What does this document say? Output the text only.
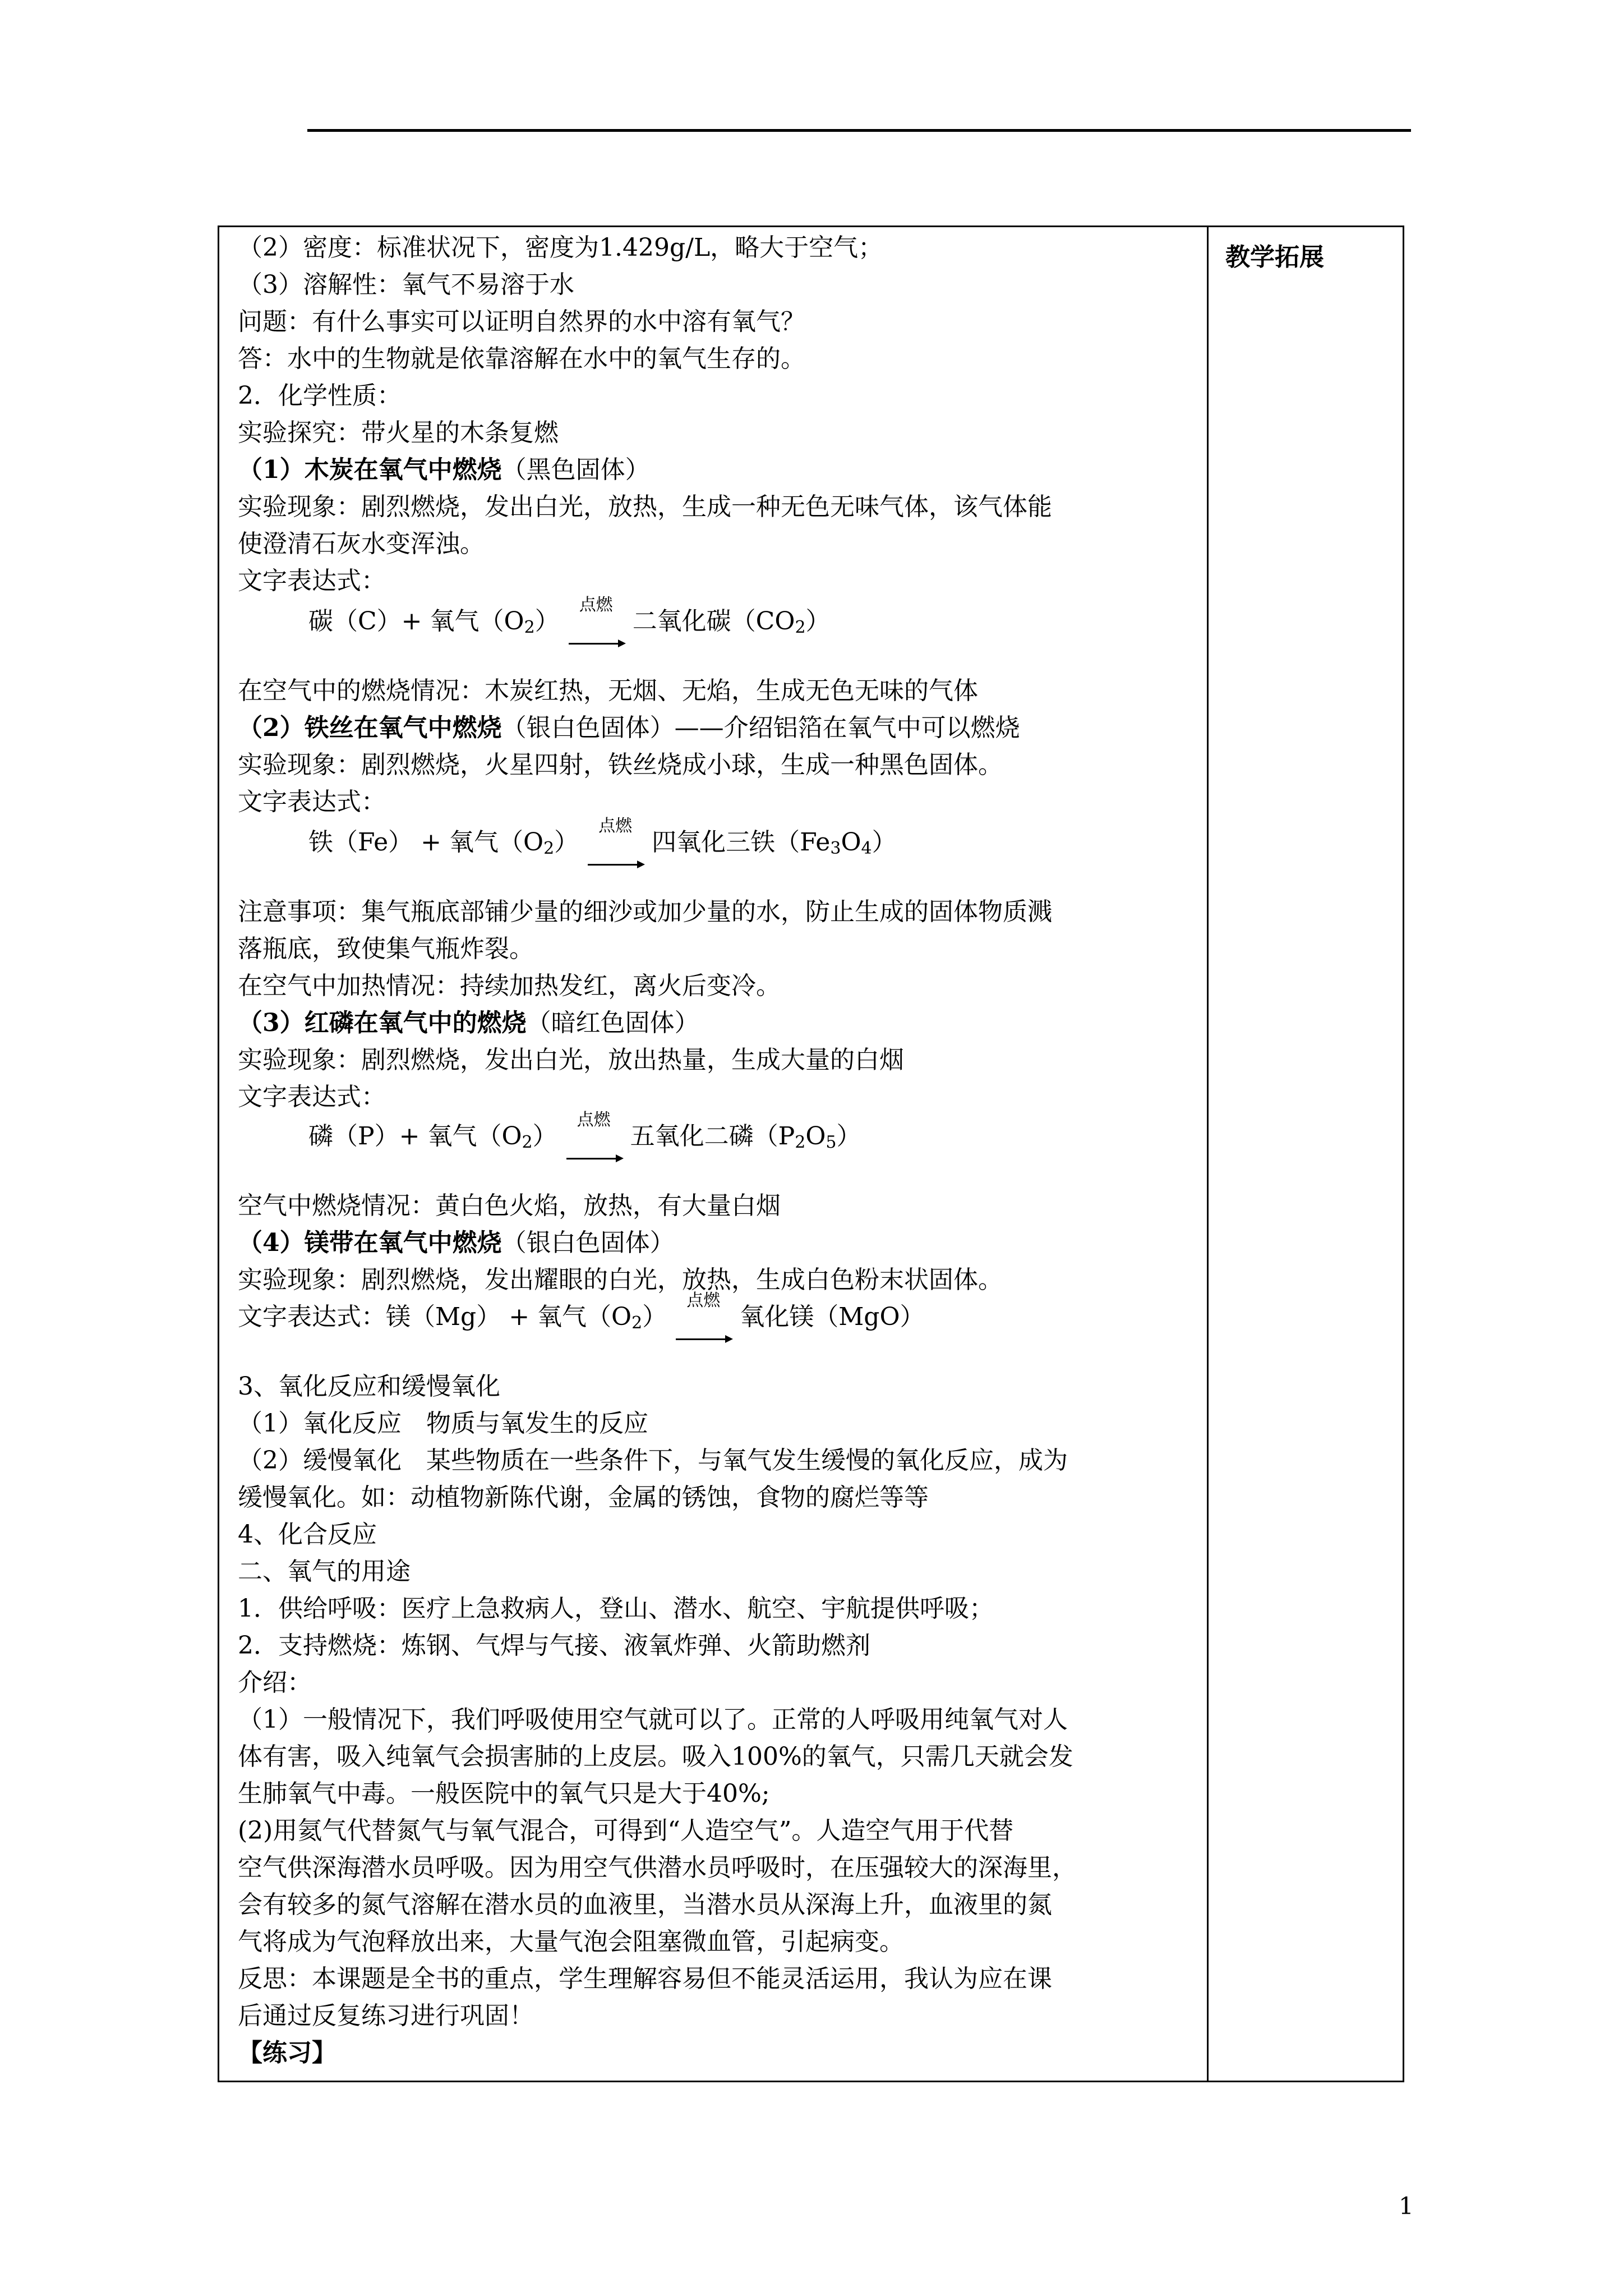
教学拓展
（2）密度：标准状况下，密度为1.429g/L，略大于空气；
（3）溶解性：氧气不易溶于水
问题：有什么事实可以证明自然界的水中溶有氧气？
答：水中的生物就是依靠溶解在水中的氧气生存的。
2．化学性质：
实验探究：带火星的木条复燃
（1）木炭在氧气中燃烧（黑色固体）
实验现象：剧烈燃烧，发出白光，放热，生成一种无色无味气体，该气体能
使澄清石灰水变浑浊。
文字表达式：
碳（C）+ 氧气$(O_2)$
点燃
二氧化碳$(CO_2)$
在空气中的燃烧情况：木炭红热，无烟、无焰，生成无色无味的气体
（2）铁丝在氧气中燃烧（银白色固体）——介绍铝箔在氧气中可以燃烧
实验现象：剧烈燃烧，火星四射，铁丝烧成小球，生成一种黑色固体。
文字表达式：
铁（Fe） + 氧气$(O_2)$
点燃
四氧化三铁$(Fe_3O_4)$
注意事项：集气瓶底部铺少量的细沙或加少量的水，防止生成的固体物质溅
落瓶底，致使集气瓶炸裂。
在空气中加热情况：持续加热发红，离火后变冷。
（3）红磷在氧气中的燃烧（暗红色固体）
实验现象：剧烈燃烧，发出白光，放出热量，生成大量的白烟
文字表达式：
磷（P）+ 氧气$(O_2)$
点燃
五氧化二磷$(P_2O_5)$
空气中燃烧情况：黄白色火焰，放热，有大量白烟
（4）镁带在氧气中燃烧（银白色固体）
实验现象：剧烈燃烧，发出耀眼的白光，放热，生成白色粉末状固体。
文字表达式：镁（Mg） + 氧气$(O_2)$
点燃
氧化镁（MgO）
3、氧化反应和缓慢氧化
（1）氧化反应　物质与氧发生的反应
（2）缓慢氧化　某些物质在一些条件下，与氧气发生缓慢的氧化反应，成为
缓慢氧化。如：动植物新陈代谢，金属的锈蚀，食物的腐烂等等
4、化合反应
二、氧气的用途
1．供给呼吸：医疗上急救病人，登山、潜水、航空、宇航提供呼吸；
2．支持燃烧：炼钢、气焊与气接、液氧炸弹、火箭助燃剂
介绍：
（1）一般情况下，我们呼吸使用空气就可以了。正常的人呼吸用纯氧气对人
体有害，吸入纯氧气会损害肺的上皮层。吸入100%的氧气，只需几天就会发
生肺氧气中毒。一般医院中的氧气只是大于40%;
(2)用氦气代替氮气与氧气混合，可得到“人造空气”。人造空气用于代替
空气供深海潜水员呼吸。因为用空气供潜水员呼吸时，在压强较大的深海里，
会有较多的氮气溶解在潜水员的血液里，当潜水员从深海上升，血液里的氮
气将成为气泡释放出来，大量气泡会阻塞微血管，引起病变。
反思：本课题是全书的重点，学生理解容易但不能灵活运用，我认为应在课
后通过反复练习进行巩固！
【练习】
1
